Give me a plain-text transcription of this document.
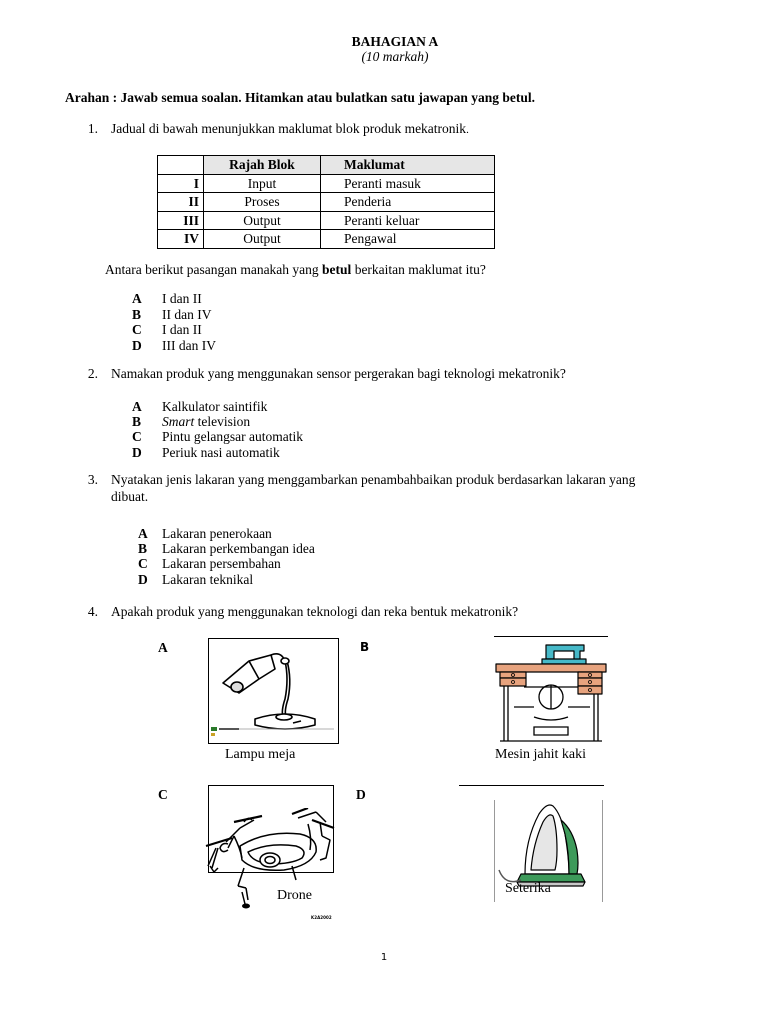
BAHAGIAN A
(10 markah)
Arahan : Jawab semua soalan. Hitamkan atau bulatkan satu jawapan yang betul.
1. Jadual di bawah menunjukkan maklumat blok produk mekatronik.
	Rajah Blok	Maklumat
I	Input	Peranti masuk
II	Proses	Penderia
III	Output	Peranti keluar
IV	Output	Pengawal
Antara berikut pasangan manakah yang betul berkaitan maklumat itu?
A I dan II
B II dan IV
C I dan II
D III dan IV
2. Namakan produk yang menggunakan sensor pergerakan bagi teknologi mekatronik?
A Kalkulator saintifik
B Smart television
C Pintu gelangsar automatik
D Periuk nasi automatik
3. Nyatakan jenis lakaran yang menggambarkan penambahbaikan produk berdasarkan lakaran yang
dibuat.
A Lakaran penerokaan
B Lakaran perkembangan idea
C Lakaran persembahan
D Lakaran teknikal
4. Apakah produk yang menggunakan teknologi dan reka bentuk mekatronik?
A
Lampu meja
B
Mesin jahit kaki
C
Drone
K2A2002
D
Seterika
1
